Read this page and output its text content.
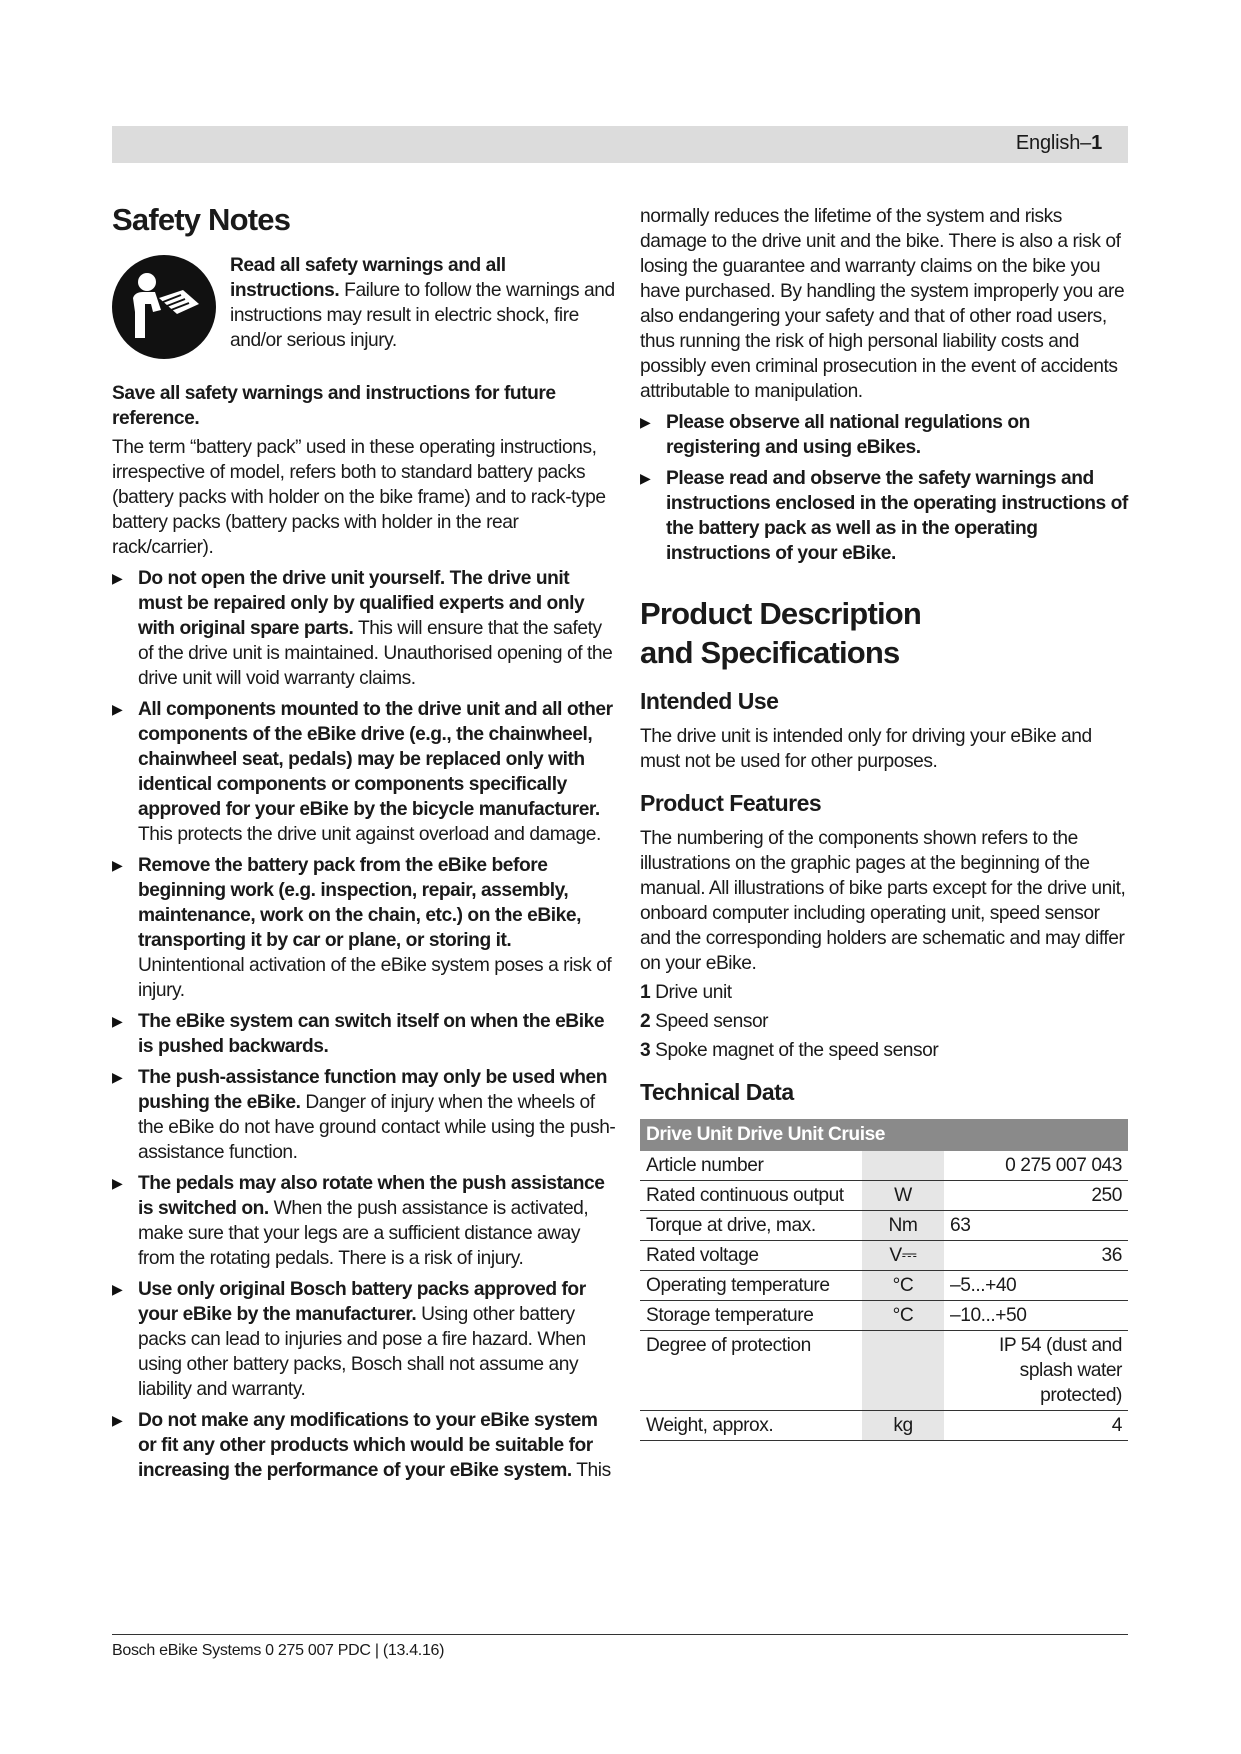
English–1
Safety Notes

Read all safety warnings and all instructions. Failure to follow the warnings and instructions may result in electric shock, fire and/or serious injury.

Save all safety warnings and instructions for future reference.

The term “battery pack” used in these operating instructions, irrespective of model, refers both to standard battery packs (battery packs with holder on the bike frame) and to rack-type battery packs (battery packs with holder in the rear rack/carrier).

▶ Do not open the drive unit yourself. The drive unit must be repaired only by qualified experts and only with original spare parts. This will ensure that the safety of the drive unit is maintained. Unauthorised opening of the drive unit will void warranty claims.

▶ All components mounted to the drive unit and all other components of the eBike drive (e.g., the chainwheel, chainwheel seat, pedals) may be replaced only with identical components or components specifically approved for your eBike by the bicycle manufacturer. This protects the drive unit against overload and damage.

▶ Remove the battery pack from the eBike before beginning work (e.g. inspection, repair, assembly, maintenance, work on the chain, etc.) on the eBike, transporting it by car or plane, or storing it. Unintentional activation of the eBike system poses a risk of injury.

▶ The eBike system can switch itself on when the eBike is pushed backwards.

▶ The push-assistance function may only be used when pushing the eBike. Danger of injury when the wheels of the eBike do not have ground contact while using the push-assistance function.

▶ The pedals may also rotate when the push assistance is switched on. When the push assistance is activated, make sure that your legs are a sufficient distance away from the rotating pedals. There is a risk of injury.

▶ Use only original Bosch battery packs approved for your eBike by the manufacturer. Using other battery packs can lead to injuries and pose a fire hazard. When using other battery packs, Bosch shall not assume any liability and warranty.

▶ Do not make any modifications to your eBike system or fit any other products which would be suitable for increasing the performance of your eBike system. This

normally reduces the lifetime of the system and risks damage to the drive unit and the bike. There is also a risk of losing the guarantee and warranty claims on the bike you have purchased. By handling the system improperly you are also endangering your safety and that of other road users, thus running the risk of high personal liability costs and possibly even criminal prosecution in the event of accidents attributable to manipulation.

▶ Please observe all national regulations on registering and using eBikes.

▶ Please read and observe the safety warnings and instructions enclosed in the operating instructions of the battery pack as well as in the operating instructions of your eBike.

Product Description and Specifications
Intended Use

The drive unit is intended only for driving your eBike and must not be used for other purposes.

Product Features

The numbering of the components shown refers to the illustrations on the graphic pages at the beginning of the manual. All illustrations of bike parts except for the drive unit, onboard computer including operating unit, speed sensor and the corresponding holders are schematic and may differ on your eBike.

1 Drive unit

2 Speed sensor

3 Spoke magnet of the speed sensor

Technical Data
Drive Unit Drive Unit Cruise		
Article number		0 275 007 043
Rated continuous output	W	250
Torque at drive, max.	Nm	63
Rated voltage	V⎓	36
Operating temperature	°C	–5...+40
Storage temperature	°C	–10...+50
Degree of protection		IP 54 (dust and splash water protected)
Weight, approx.	kg	4
Bosch eBike Systems 0 275 007 PDC | (13.4.16)
